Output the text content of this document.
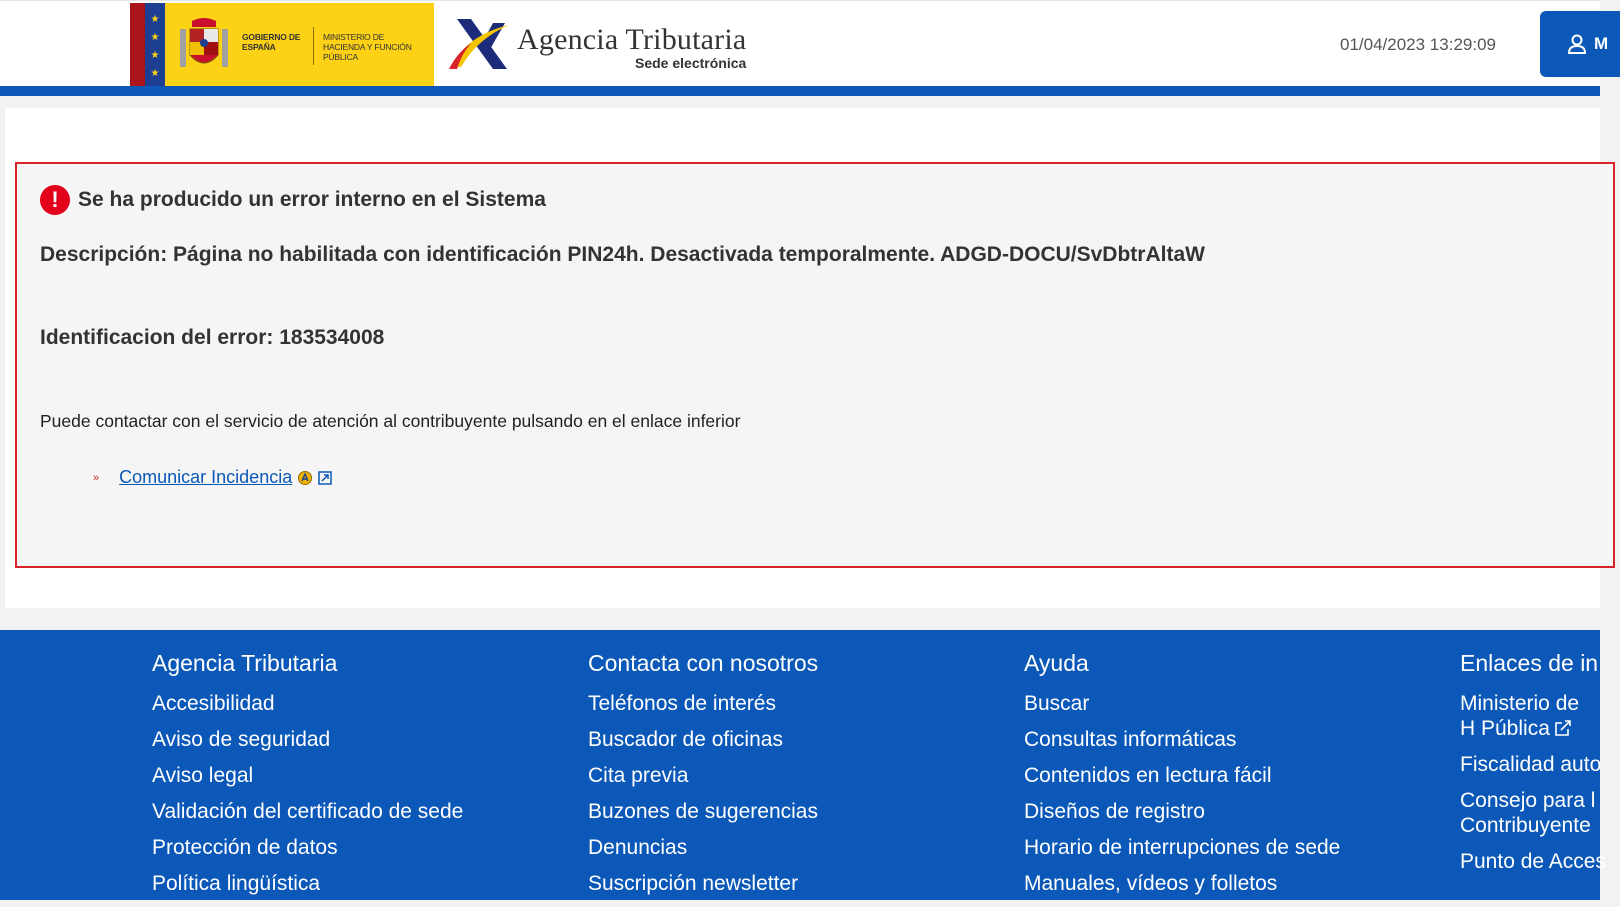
★
★
★
★
GOBIERNO DE ESPAÑA
MINISTERIO DE HACIENDA Y FUNCIÓN PÚBLICA
Agencia Tributaria
Sede electrónica
01/04/2023 13:29:09	M
! Se ha producido un error interno en el Sistema
Descripción: Página no habilitada con identificación PIN24h. Desactivada temporalmente. ADGD-DOCU/SvDbtrAltaW
Identificacion del error: 183534008
Puede contactar con el servicio de atención al contribuyente pulsando en el enlace inferior
» Comunicar Incidencia
Agencia Tributaria
Accesibilidad
Aviso de seguridad
Aviso legal
Validación del certificado de sede
Protección de datos
Política lingüística
Contacta con nosotros
Teléfonos de interés
Buscador de oficinas
Cita previa
Buzones de sugerencias
Denuncias
Suscripción newsletter
Ayuda
Buscar
Consultas informáticas
Contenidos en lectura fácil
Diseños de registro
Horario de interrupciones de sede
Manuales, vídeos y folletos
Enlaces de in
Ministerio de H Pública
Fiscalidad auto
Consejo para l Contribuyente
Punto de Acces
